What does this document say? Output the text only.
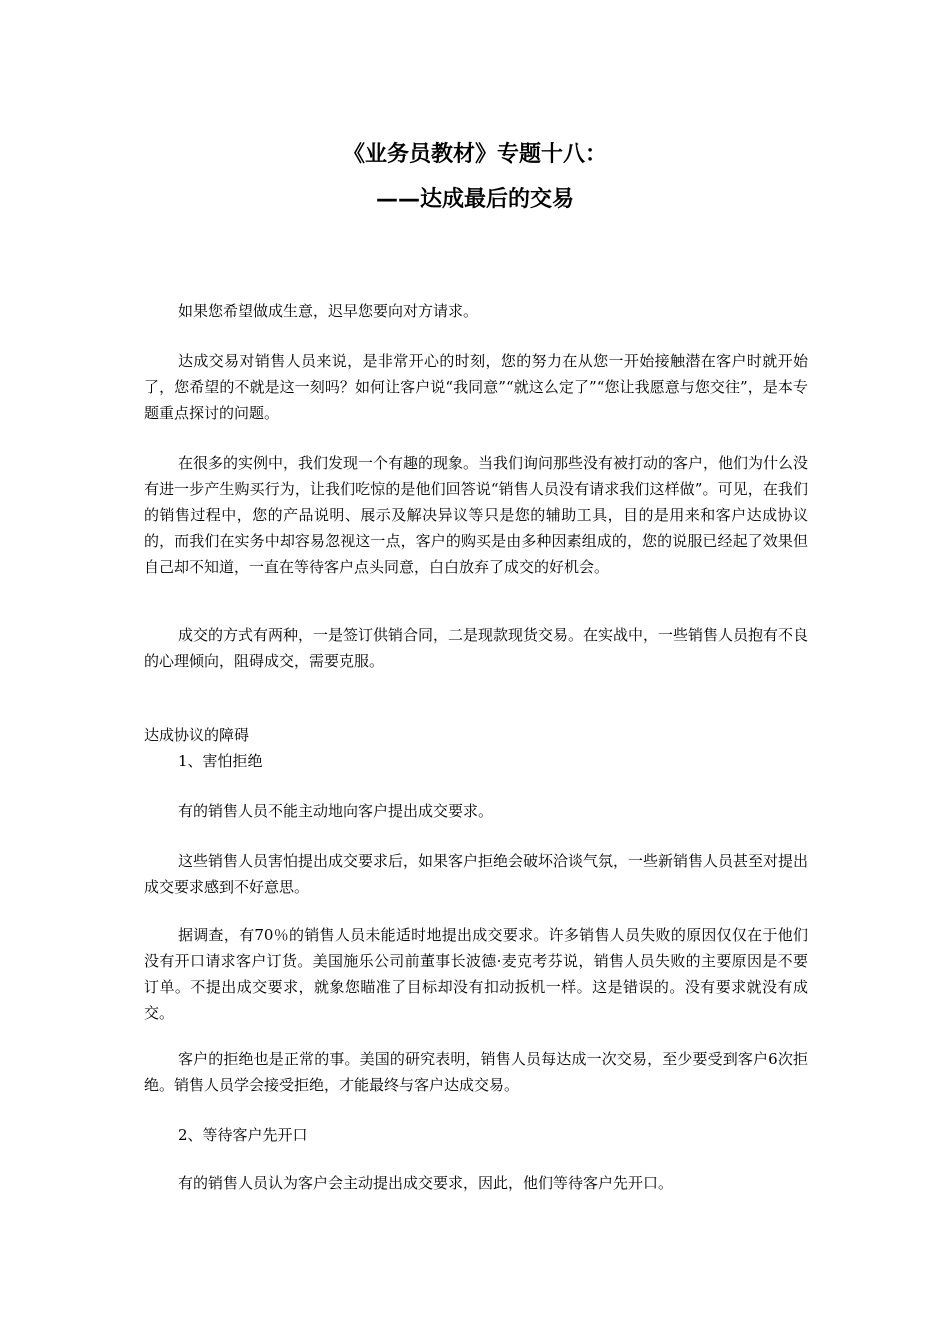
《业务员教材》专题十八：
——达成最后的交易

如果您希望做成生意，迟早您要向对方请求。

达成交易对销售人员来说，是非常开心的时刻，您的努力在从您一开始接触潜在客户时就开始了，您希望的不就是这一刻吗？如何让客户说“我同意”“就这么定了”“您让我愿意与您交往”，是本专题重点探讨的问题。

在很多的实例中，我们发现一个有趣的现象。当我们询问那些没有被打动的客户，他们为什么没有进一步产生购买行为，让我们吃惊的是他们回答说“销售人员没有请求我们这样做”。可见，在我们的销售过程中，您的产品说明、展示及解决异议等只是您的辅助工具，目的是用来和客户达成协议的，而我们在实务中却容易忽视这一点，客户的购买是由多种因素组成的，您的说服已经起了效果但自己却不知道，一直在等待客户点头同意，白白放弃了成交的好机会。

成交的方式有两种，一是签订供销合同，二是现款现货交易。在实战中，一些销售人员抱有不良的心理倾向，阻碍成交，需要克服。

达成协议的障碍

1、害怕拒绝

有的销售人员不能主动地向客户提出成交要求。

这些销售人员害怕提出成交要求后，如果客户拒绝会破坏洽谈气氛，一些新销售人员甚至对提出成交要求感到不好意思。

据调查，有70％的销售人员未能适时地提出成交要求。许多销售人员失败的原因仅仅在于他们没有开口请求客户订货。美国施乐公司前董事长波德·麦克考芬说，销售人员失败的主要原因是不要订单。不提出成交要求，就象您瞄准了目标却没有扣动扳机一样。这是错误的。没有要求就没有成交。

客户的拒绝也是正常的事。美国的研究表明，销售人员每达成一次交易，至少要受到客户6次拒绝。销售人员学会接受拒绝，才能最终与客户达成交易。

2、等待客户先开口

有的销售人员认为客户会主动提出成交要求，因此，他们等待客户先开口。
